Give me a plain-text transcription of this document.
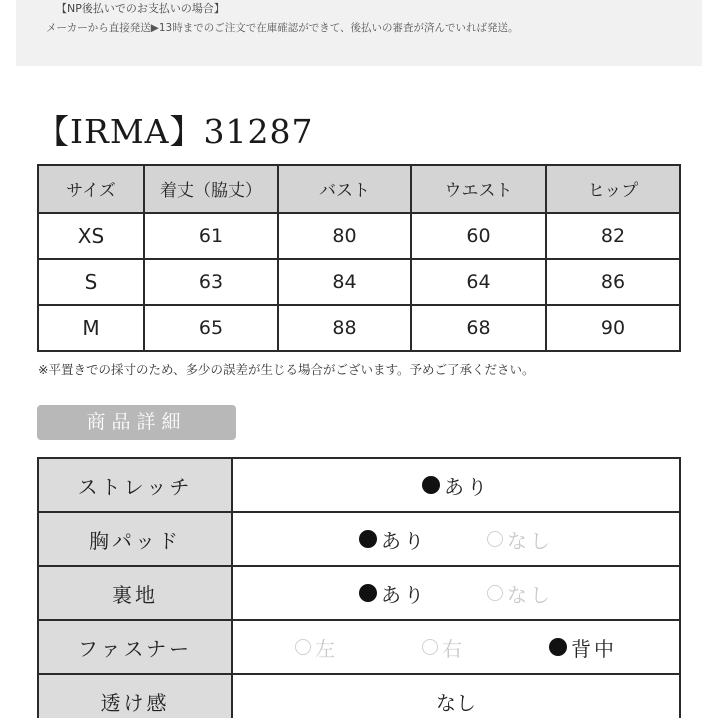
【NP後払いでのお支払いの場合】
メーカーから直接発送▶13時までのご注文で在庫確認ができて、後払いの審査が済んでいれば発送。
【IRMA】31287
サイズ	着丈（脇丈）	バスト	ウエスト	ヒップ
XS	61	80	60	82
S	63	84	64	86
M	65	88	68	90
※平置きでの採寸のため、多少の誤差が生じる場合がございます。予めご了承ください。
商品詳細
ストレッチ	あり

胸パッド	あり なし

裏地	あり なし

ファスナー	左 右 背中

透け感	なし
